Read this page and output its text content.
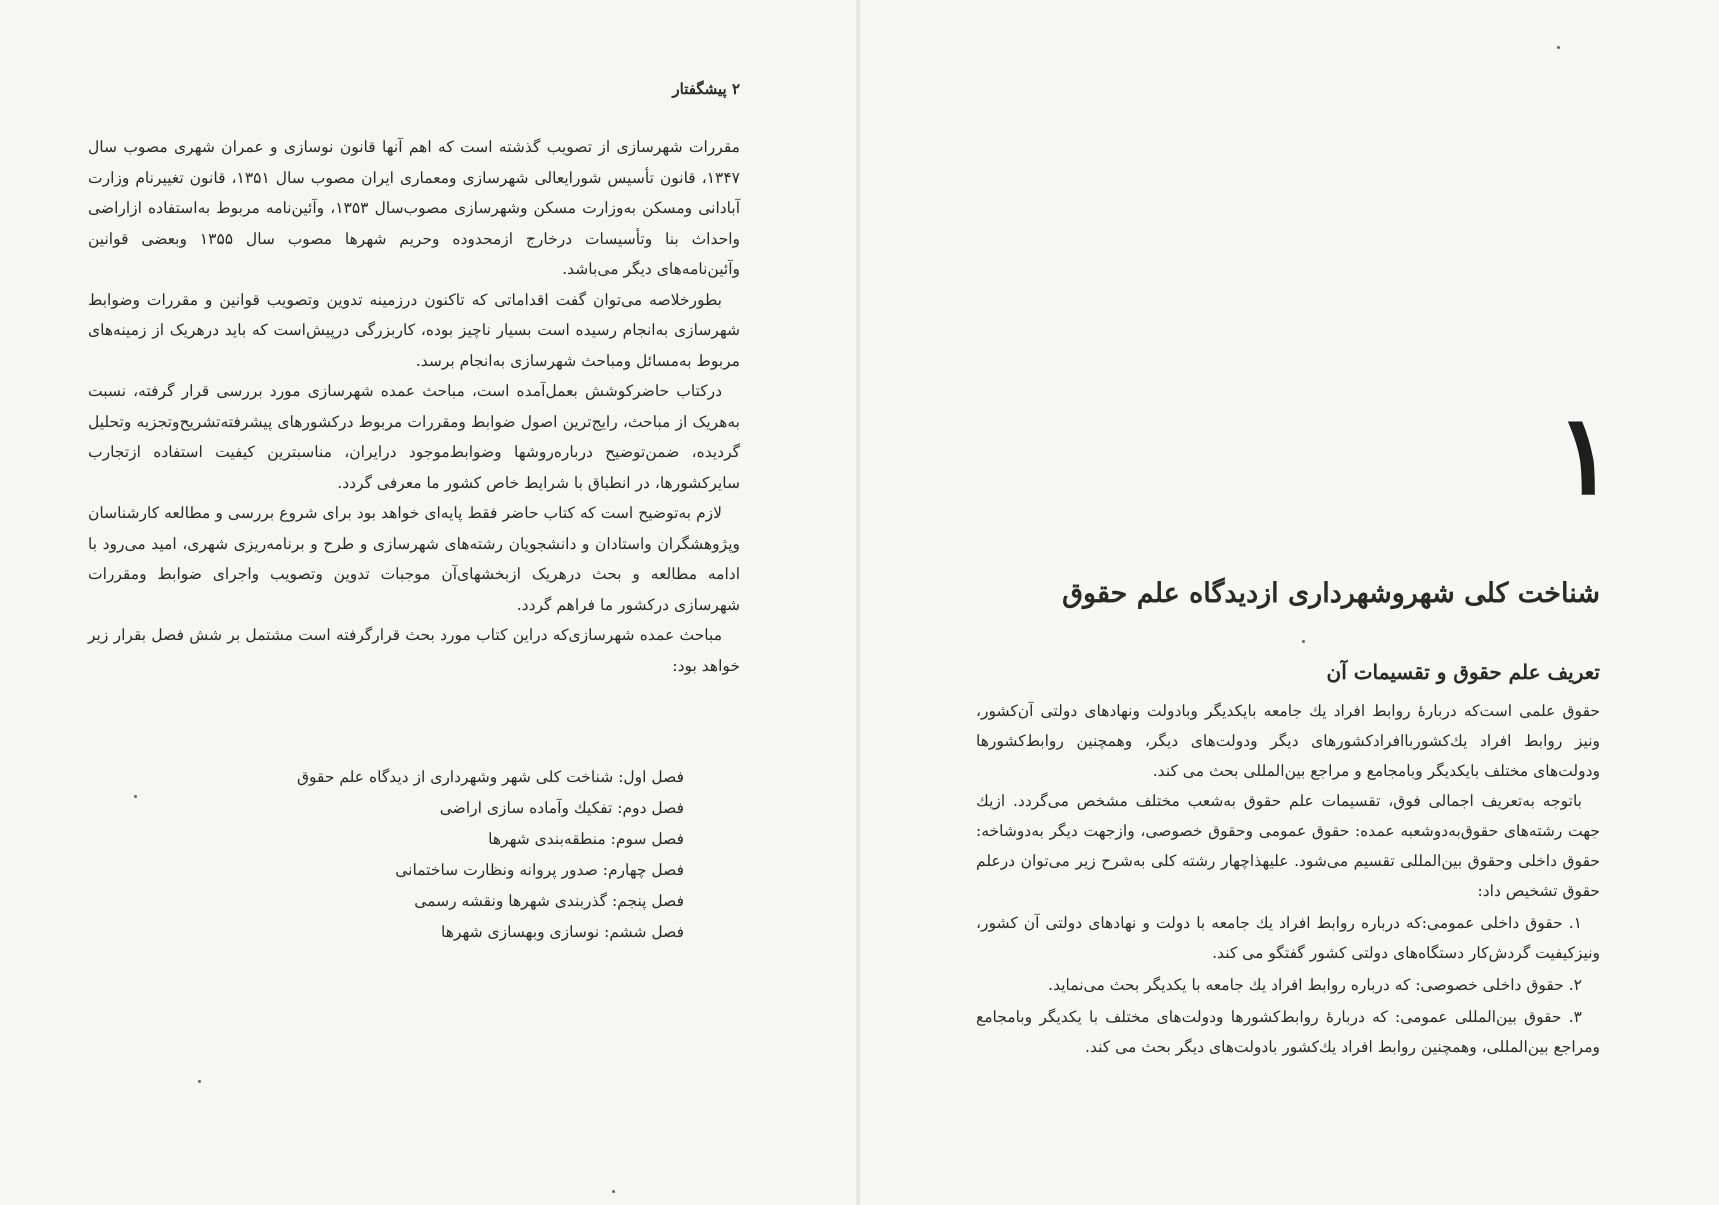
۲ پیشگفتار

مقررات شهرسازی از تصویب گذشته است که اهم آنها قانون نوسازی و عمران شهری مصوب سال ۱۳۴۷، قانون تأسیس شورایعالی شهرسازی ومعماری ایران مصوب سال ۱۳۵۱، قانون تغییرنام وزارت آبادانی ومسکن به‌وزارت مسکن وشهرسازی مصوب‌سال ۱۳۵۳، وآئین‌نامه مربوط به‌استفاده ازاراضی واحداث بنا وتأسیسات درخارج ازمحدوده وحریم شهرها مصوب سال ۱۳۵۵ وبعضی قوانین وآئین‌نامه‌های دیگر می‌باشد.

بطورخلاصه می‌توان گفت اقداماتی که تاکنون درزمینه تدوین وتصویب قوانین و مقررات وضوابط شهرسازی به‌انجام رسیده است بسیار ناچیز بوده، کاربزرگی درپیش‌است که باید درهریک از زمینه‌های مربوط به‌مسائل ومباحث شهرسازی به‌انجام برسد.

درکتاب حاضرکوشش بعمل‌آمده است، مباحث عمده شهرسازی مورد بررسی قرار گرفته، نسبت به‌هریک از مباحث، رایج‌ترین اصول ضوابط ومقررات مربوط درکشورهای پیشرفته‌تشریح‌وتجزیه وتحلیل گردیده، ضمن‌توضیح درباره‌روشها وضوابط‌موجود درایران، مناسبترین کیفیت استفاده ازتجارب سایرکشورها، در انطباق با شرایط خاص کشور ما معرفی گردد.

لازم به‌توضیح است که کتاب حاضر فقط پایه‌ای خواهد بود برای شروع بررسی و مطالعه کارشناسان وپژوهشگران واستادان و دانشجویان رشته‌های شهرسازی و طرح و برنامه‌ریزی شهری، امید می‌رود با ادامه مطالعه و بحث درهریک ازبخشهای‌آن موجبات تدوین وتصویب واجرای ضوابط ومقررات شهرسازی درکشور ما فراهم گردد.

مباحث عمده شهرسازی‌که دراین کتاب مورد بحث قرارگرفته است مشتمل بر شش فصل بقرار زیر خواهد بود:

فصل اول: شناخت کلی شهر وشهرداری از دیدگاه علم حقوق
فصل دوم: تفکیك وآماده سازی اراضی
فصل سوم: منطقه‌بندی شهرها
فصل چهارم: صدور پروانه ونظارت ساختمانی
فصل پنجم: گذربندی شهرها ونقشه رسمی
فصل ششم: نوسازی وبهسازی شهرها
۱
شناخت کلی شهروشهرداری ازدیدگاه علم حقوق
تعریف علم حقوق و تقسیمات آن

حقوق علمی است‌که دربارۀ روابط افراد یك جامعه بایکدیگر وبادولت ونهادهای دولتی آن‌کشور، ونیز روابط افراد یك‌کشوربا‌افرادکشورهای دیگر ودولت‌های دیگر، وهمچنین روابط‌کشورها ودولت‌های مختلف بایکدیگر وبامجامع و مراجع بین‌المللی بحث می کند.

باتوجه به‌تعریف اجمالی فوق، تقسیمات علم حقوق به‌شعب مختلف مشخص می‌گردد. ازیك جهت رشته‌های حقوق‌به‌دوشعبه عمده: حقوق عمومی وحقوق خصوصی، وازجهت دیگر به‌دوشاخه: حقوق داخلی وحقوق بین‌المللی تقسیم می‌شود. علیهذاچهار رشته کلی به‌شرح زیر می‌توان درعلم حقوق تشخیص داد:

۱. حقوق داخلی عمومی:که درباره روابط افراد یك جامعه با دولت و نهادهای دولتی آن کشور، ونیزکیفیت گردش‌کار دستگاه‌های دولتی کشور گفتگو می کند.

۲. حقوق داخلی خصوصی: که درباره روابط افراد یك جامعه با یکدیگر بحث می‌نماید.

۳. حقوق بین‌المللی عمومی: که دربارۀ روابط‌کشورها ودولت‌های مختلف با یکدیگر وبامجامع ومراجع بین‌المللی، وهمچنین روابط افراد یك‌کشور بادولت‌های دیگر بحث می کند.
